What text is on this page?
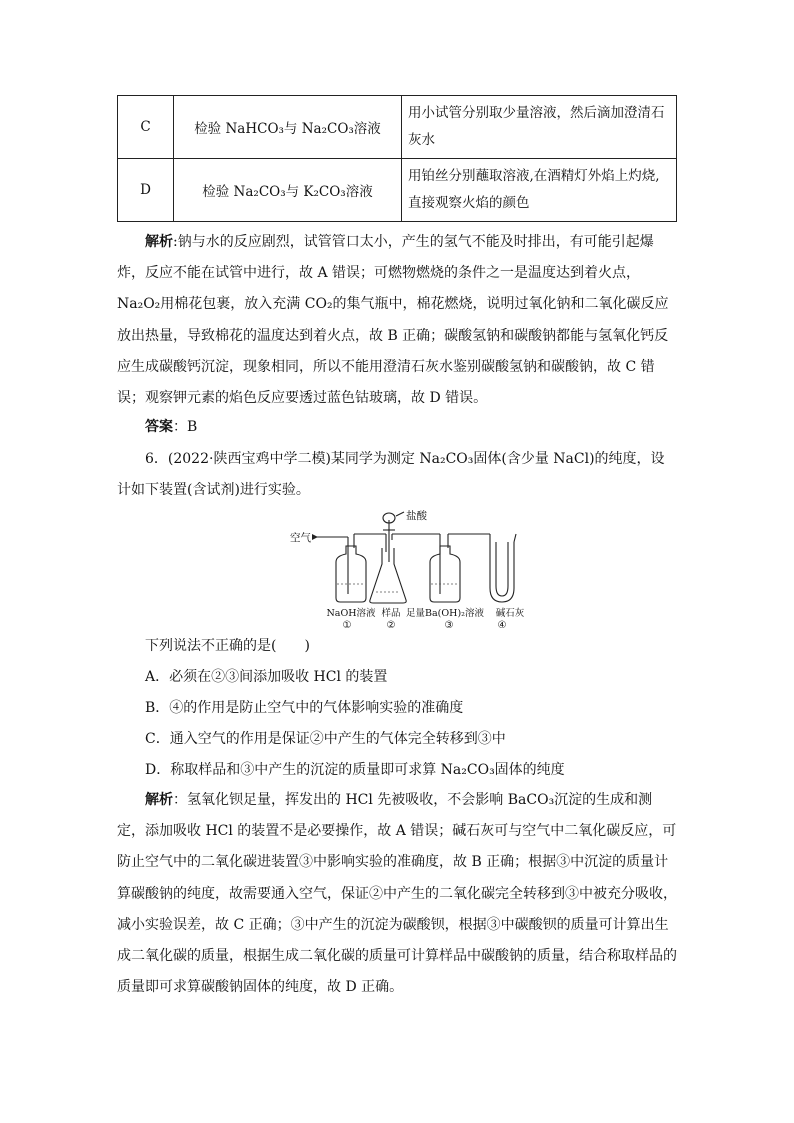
C	检验 NaHCO₃与 Na₂CO₃溶液	用小试管分别取少量溶液，然后滴加澄清石灰水
D	检验 Na₂CO₃与 K₂CO₃溶液	用铂丝分别蘸取溶液,在酒精灯外焰上灼烧,直接观察火焰的颜色

解析:钠与水的反应剧烈，试管管口太小，产生的氢气不能及时排出，有可能引起爆炸，反应不能在试管中进行，故 A 错误；可燃物燃烧的条件之一是温度达到着火点，Na₂O₂用棉花包裹，放入充满 CO₂的集气瓶中，棉花燃烧，说明过氧化钠和二氧化碳反应放出热量，导致棉花的温度达到着火点，故 B 正确；碳酸氢钠和碳酸钠都能与氢氧化钙反应生成碳酸钙沉淀，现象相同，所以不能用澄清石灰水鉴别碳酸氢钠和碳酸钠，故 C 错误；观察钾元素的焰色反应要透过蓝色钴玻璃，故 D 错误。

答案：B

6．(2022·陕西宝鸡中学二模)某同学为测定 Na₂CO₃固体(含少量 NaCl)的纯度，设计如下装置(含试剂)进行实验。

盐酸
空气
NaOH溶液 样品 足量Ba(OH)₂溶液 碱石灰
①	②	③	④
下列说法不正确的是(　　)
A．必须在②③间添加吸收 HCl 的装置
B．④的作用是防止空气中的气体影响实验的准确度
C．通入空气的作用是保证②中产生的气体完全转移到③中
D．称取样品和③中产生的沉淀的质量即可求算 Na₂CO₃固体的纯度

解析：氢氧化钡足量，挥发出的 HCl 先被吸收，不会影响 BaCO₃沉淀的生成和测定，添加吸收 HCl 的装置不是必要操作，故 A 错误；碱石灰可与空气中二氧化碳反应，可防止空气中的二氧化碳进装置③中影响实验的准确度，故 B 正确；根据③中沉淀的质量计算碳酸钠的纯度，故需要通入空气，保证②中产生的二氧化碳完全转移到③中被充分吸收，减小实验误差，故 C 正确；③中产生的沉淀为碳酸钡，根据③中碳酸钡的质量可计算出生成二氧化碳的质量，根据生成二氧化碳的质量可计算样品中碳酸钠的质量，结合称取样品的质量即可求算碳酸钠固体的纯度，故 D 正确。
